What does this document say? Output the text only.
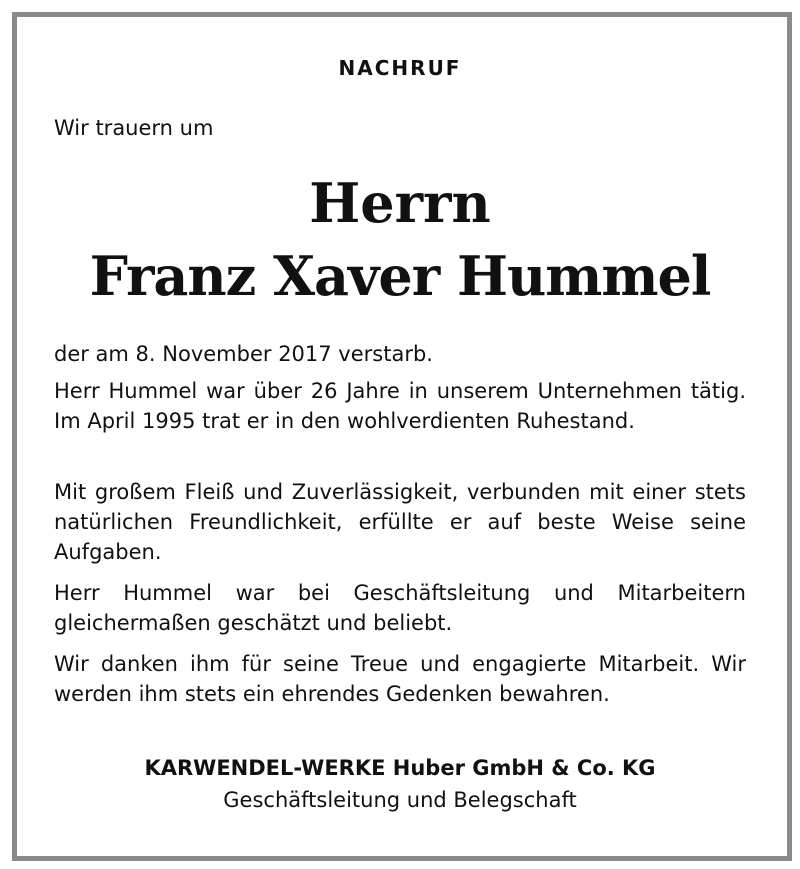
NACHRUF
Wir trauern um
Herrn
Franz Xaver Hummel
der am 8. November 2017 verstarb.
Herr Hummel war über 26 Jahre in unserem Unternehmen tätig. Im April 1995 trat er in den wohlverdienten Ruhestand.
Mit großem Fleiß und Zuverlässigkeit, verbunden mit einer stets natürlichen Freundlichkeit, erfüllte er auf beste Weise seine Aufgaben.
Herr Hummel war bei Geschäftsleitung und Mitarbeitern gleichermaßen geschätzt und beliebt.
Wir danken ihm für seine Treue und engagierte Mitarbeit. Wir werden ihm stets ein ehrendes Gedenken bewahren.
KARWENDEL-WERKE Huber GmbH & Co. KG
Geschäftsleitung und Belegschaft
